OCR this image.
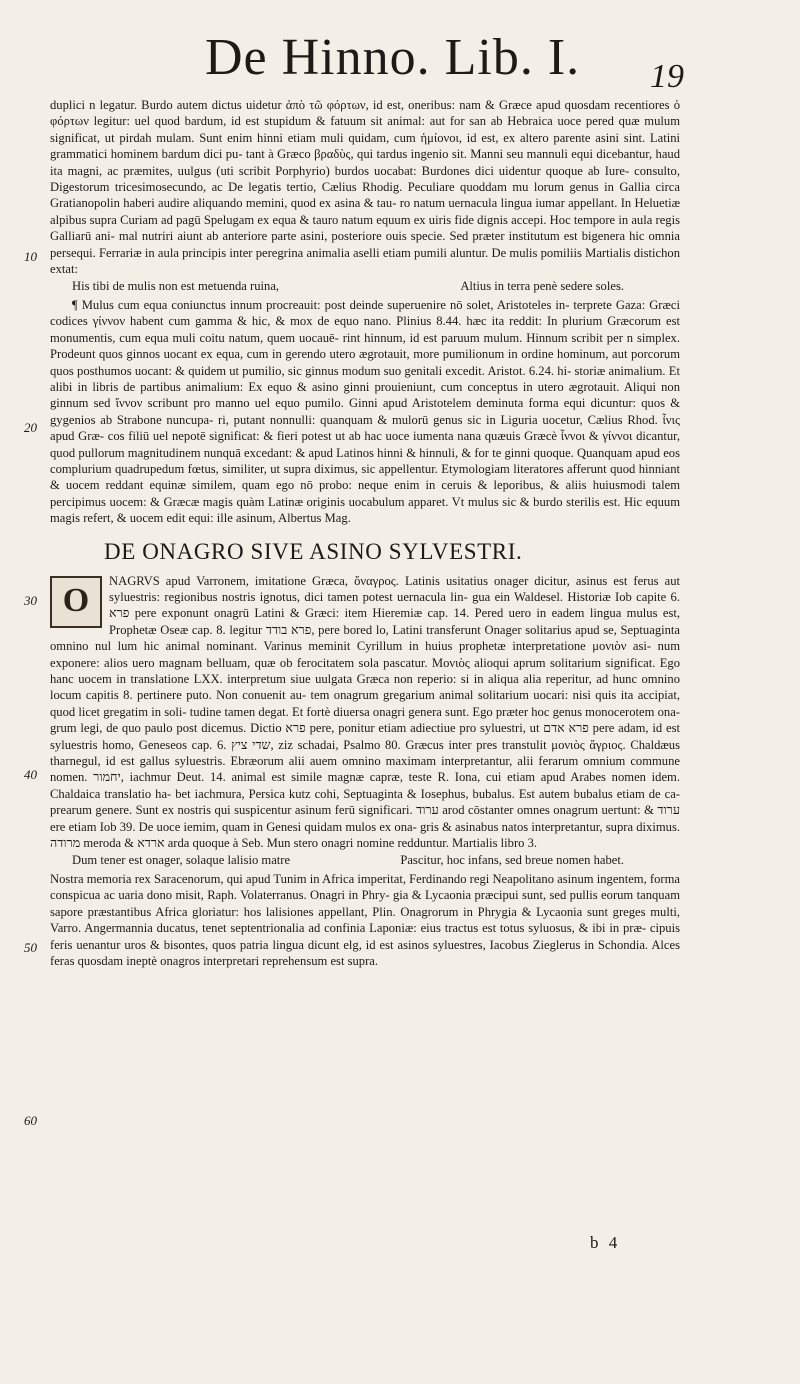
De Hinno. Lib. I. 19
10
20
30
40
50
60

duplici n legatur. Burdo autem dictus uidetur ἀπὸ τῶ φόρτων, id est, oneribus: nam & Græce apud quosdam recentiores ὁ φόρτων legitur: uel quod bardum, id est stupidum & fatuum sit animal: aut for san ab Hebraica uoce pered quæ mulum significat, ut pirdah mulam. Sunt enim hinni etiam muli quidam, cum ἡμίονοι, id est, ex altero parente asini sint. Latini grammatici hominem bardum dici pu- tant à Græco βραδὺς, qui tardus ingenio sit. Manni seu mannuli equi dicebantur, haud ita magni, ac præmites, uulgus (uti scribit Porphyrio) burdos uocabat: Burdones dici uidentur quoque ab Iure- consulto, Digestorum tricesimosecundo, ac De legatis tertio, Cælius Rhodig. Peculiare quoddam mu lorum genus in Gallia circa Gratianopolin haberi audire aliquando memini, quod ex asina & tau- ro natum uernacula lingua iumar appellant. In Heluetiæ alpibus supra Curiam ad pagū Spelugam ex equa & tauro natum equum ex uiris fide dignis accepi. Hoc tempore in aula regis Galliarū ani- mal nutriri aiunt ab anteriore parte asini, posteriore ouis specie. Sed præter institutum est bigenera hic omnia persequi. Ferrariæ in aula principis inter peregrina animalia aselli etiam pumili aluntur. De mulis pomiliis Martialis distichon extat:

His tibi de mulis non est metuenda ruina,	Altius in terra penè sedere soles.

¶ Mulus cum equa coniunctus innum procreauit: post deinde superuenire nō solet, Aristoteles in- terprete Gaza: Græci codices γίννον habent cum gamma & hic, & mox de equo nano. Plinius 8.44. hæc ita reddit: In plurium Græcorum est monumentis, cum equa muli coitu natum, quem uocauē- rint hinnum, id est paruum mulum. Hinnum scribit per n simplex. Prodeunt quos ginnos uocant ex equa, cum in gerendo utero ægrotauit, more pumilionum in ordine hominum, aut porcorum quos posthumos uocant: & quidem ut pumilio, sic ginnus modum suo genitali excedit. Aristot. 6.24. hi- storiæ animalium. Et alibi in libris de partibus animalium: Ex equo & asino ginni prouieniunt, cum conceptus in utero ægrotauit. Aliqui non ginnum sed ἴννον scribunt pro manno uel equo pumilo. Ginni apud Aristotelem deminuta forma equi dicuntur: quos & gygenios ab Strabone nuncupa- ri, putant nonnulli: quanquam & mulorū genus sic in Liguria uocetur, Cælius Rhod. ἶνις apud Græ- cos filiū uel nepotē significat: & fieri potest ut ab hac uoce iumenta nana quæuis Græcè ἶννοι & γίννοι dicantur, quod pullorum magnitudinem nunquā excedant: & apud Latinos hinni & hinnuli, & for te ginni quoque. Quanquam apud eos complurium quadrupedum fœtus, similiter, ut supra diximus, sic appellentur. Etymologiam literatores afferunt quod hinniant & uocem reddant equinæ similem, quam ego nō probo: neque enim in ceruis & leporibus, & aliis huiusmodi talem percipimus uocem: & Græcæ magis quàm Latinæ originis uocabulum apparet. Vt mulus sic & burdo sterilis est. Hic equum magis refert, & uocem edit equi: ille asinum, Albertus Mag.

DE ONAGRO SIVE ASINO SYLVESTRI.
O

NAGRVS apud Varronem, imitatione Græca, ὄναγρος. Latinis usitatius onager dicitur, asinus est ferus aut syluestris: regionibus nostris ignotus, dici tamen potest uernacula lin- gua ein Waldesel. Historiæ Iob capite 6. פרא pere exponunt onagrū Latini & Græci: item Hieremiæ cap. 14. Pered uero in eadem lingua mulus est, Prophetæ Oseæ cap. 8. legitur פרא בודד, pere bored lo, Latini transferunt Onager solitarius apud se, Septuaginta omnino nul lum hic animal nominant. Varinus meminit Cyrillum in huius prophetæ interpretatione μονιὸν asi- num exponere: alios uero magnam belluam, quæ ob ferocitatem sola pascatur. Μονιὸς alioqui aprum solitarium significat. Ego hanc uocem in translatione LXX. interpretum siue uulgata Græca non reperio: si in aliqua alia reperitur, ad hunc omnino locum capitis 8. pertinere puto. Non conuenit au- tem onagrum gregarium animal solitarium uocari: nisi quis ita accipiat, quod licet gregatim in soli- tudine tamen degat. Et fortè diuersa onagri genera sunt. Ego præter hoc genus monocerotem ona- grum legi, de quo paulo post dicemus. Dictio פרא pere, ponitur etiam adiectiue pro syluestri, ut פרא אדם pere adam, id est syluestris homo, Geneseos cap. 6. שדי ציץ, ziz schadai, Psalmo 80. Græcus inter pres transtulit μονιὸς ἄγριος. Chaldæus tharnegul, id est gallus syluestris. Ebræorum alii auem omnino maximam interpretantur, alii ferarum omnium commune nomen. יחמור, iachmur Deut. 14. animal est simile magnæ capræ, teste R. Iona, cui etiam apud Arabes nomen idem. Chaldaica translatio ha- bet iachmura, Persica kutz cohi, Septuaginta & Iosephus, bubalus. Est autem bubalus etiam de ca- prearum genere. Sunt ex nostris qui suspicentur asinum ferū significari. ערוד arod cōstanter omnes onagrum uertunt: & ערוד ere etiam Iob 39. De uoce iemim, quam in Genesi quidam mulos ex ona- gris & asinabus natos interpretantur, supra diximus. מרודה meroda & ארדא arda quoque à Seb. Mun stero onagri nomine redduntur. Martialis libro 3.

Dum tener est onager, solaque lalisio matre	Pascitur, hoc infans, sed breue nomen habet.

Nostra memoria rex Saracenorum, qui apud Tunim in Africa imperitat, Ferdinando regi Neapolitano asinum ingentem, forma conspicua ac uaria dono misit, Raph. Volaterranus. Onagri in Phry- gia & Lycaonia præcipui sunt, sed pullis eorum tanquam sapore præstantibus Africa gloriatur: hos lalisiones appellant, Plin. Onagrorum in Phrygia & Lycaonia sunt greges multi, Varro. Angermannia ducatus, tenet septentrionalia ad confinia Laponiæ: eius tractus est totus syluosus, & ibi in præ- cipuis feris uenantur uros & bisontes, quos patria lingua dicunt elg, id est asinos syluestres, Iacobus Zieglerus in Schondia. Alces feras quosdam ineptè onagros interpretari reprehensum est supra.

b 4
